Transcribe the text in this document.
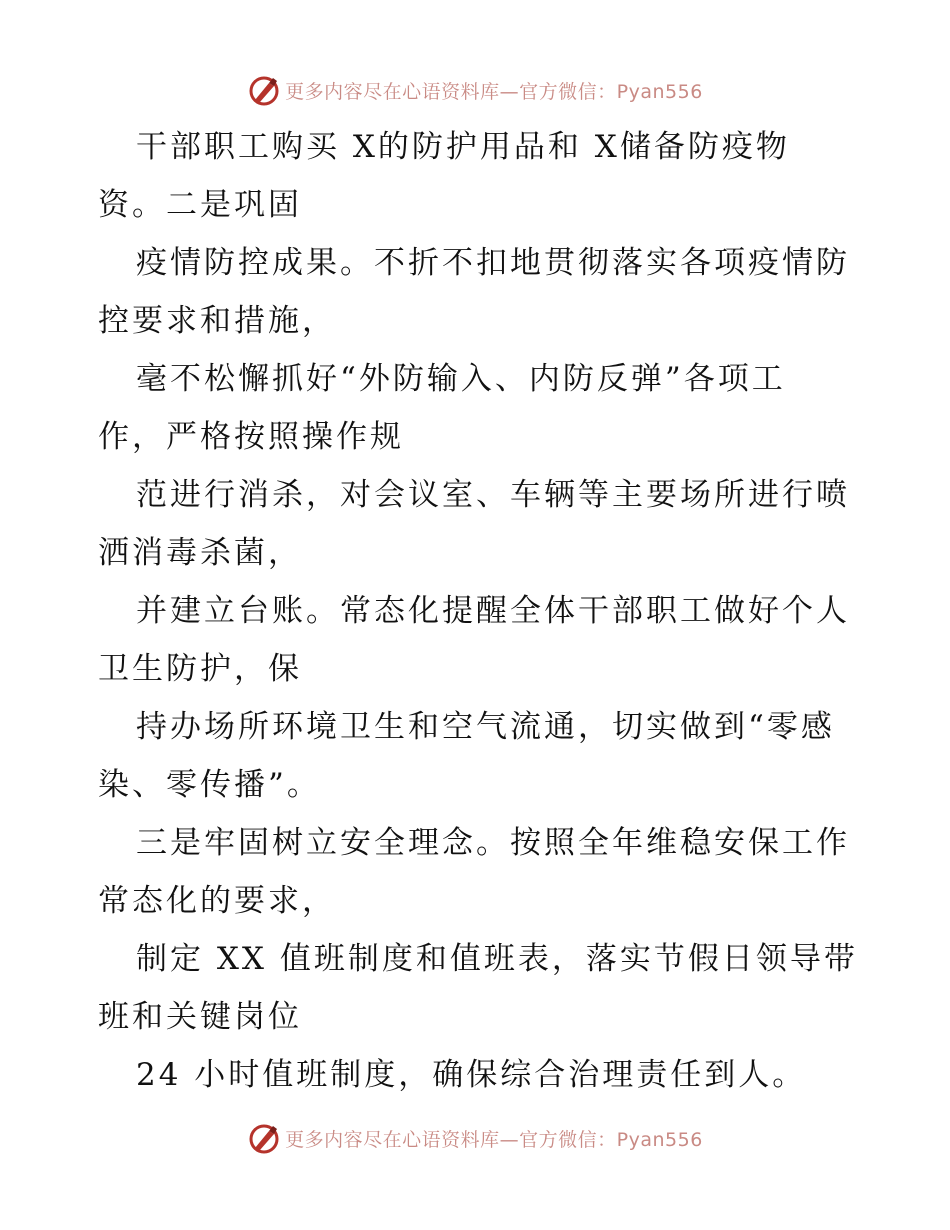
更多内容尽在心语资料库—官方微信：Pyan556
干部职工购买 X的防护用品和 X储备防疫物
资。二是巩固
疫情防控成果。不折不扣地贯彻落实各项疫情防
控要求和措施，
毫不松懈抓好“外防输入、内防反弹”各项工
作，严格按照操作规
范进行消杀，对会议室、车辆等主要场所进行喷
洒消毒杀菌，
并建立台账。常态化提醒全体干部职工做好个人
卫生防护，保
持办场所环境卫生和空气流通，切实做到“零感
染、零传播”。
三是牢固树立安全理念。按照全年维稳安保工作
常态化的要求，
制定 XX 值班制度和值班表，落实节假日领导带
班和关键岗位
24 小时值班制度，确保综合治理责任到人。
更多内容尽在心语资料库—官方微信：Pyan556
